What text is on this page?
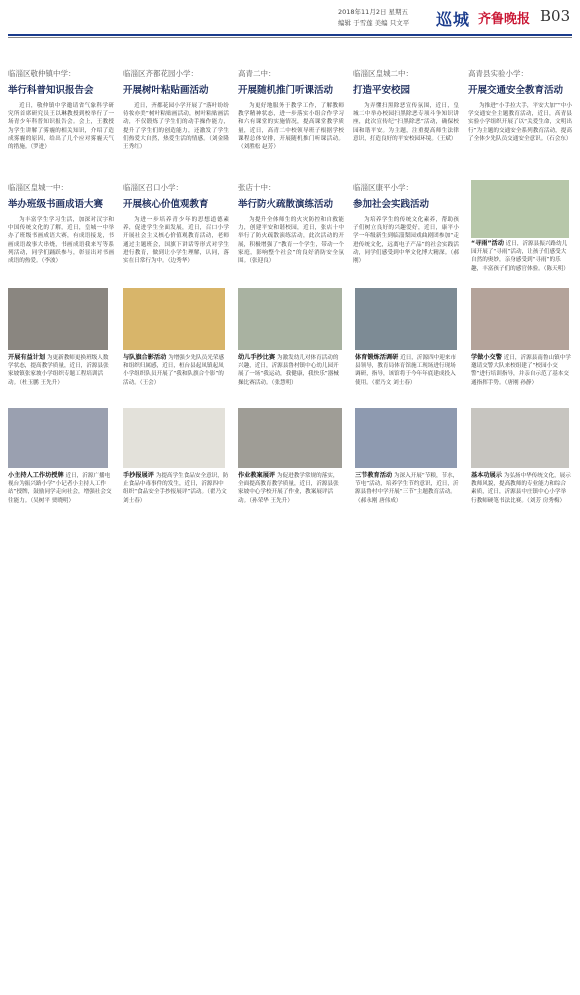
2018年11月2日 星期五
编辑 于雪莲 美编 只文平 巡城 齐鲁晚报 B03
临淄区敬仲镇中学：
举行科普知识报告会
近日，敬仲镇中学邀请省气象科学研究所首席研究员王以琳教授到校举行了一场青少年科普知识报告会。会上，王教授为学生讲解了雾霾的相关知识，介绍了造成雾霾的原因，给出了几个应对雾霾天气的措施。（罗进）
临淄区齐都花园小学：
开展树叶粘贴画活动
近日，齐都花园小学开展了“落叶纷纷待妆亦美”树叶粘贴画活动，树叶粘贴画活动，不仅锻炼了学生们的动手操作能力，提升了学生们的创造能力，还激发了学生们热爱大自然，热爱生活的情感。（刘金隆 王秀红）
高青二中：
开展随机推门听课活动
为更好地服务于教学工作，了解教师教学精神状态，进一步落实小组合作学习和六有课堂的实施情况，提高课堂教学质量，近日，高青二中校领导班子根据学校课程总体安排，开展随机推门听课活动。（刘胜松 赵芳）
临淄区皇城二中：
打造平安校园
为弄懂扫黑除恶宣传氛围，近日，皇城二中举办校园扫黑除恶专项斗争知识讲座，此次宣传纪“扫黑除恶”活动，确保校园和谐平安。为主题，注重提高师生法律意识，打造良好的平安校园环境。（王斌）
高青县实验小学：
开展交通安全教育活动
为推进“小手拉大手，平安大加”“中小学交通安全主题教育活动，近日，高青县实验小学组织开展了以“关爱生命，文明出行”为主题的交通安全系列教育活动，提高了全体少先队员交通安全意识。（石会东）
临淄区皇城一中：
举办班级书画成语大赛
为丰富学生学习生活，加深对汉字和中国传统文化的了解，近日，皇城一中举办了班级书画成语大赛，有成语接龙，书画成语故事大串烧，书画成语我来写等系列活动，同学们踊跃参与，彰显出对书画成语的热爱。（李波）
临淄区召口小学：
开展核心价值观教育
为进一步培养青少年的思想道德素养，促进学生全面发展，近日，召口小学开展社会主义核心价值观教育活动，老师通过主题班会，国旗下讲话等形式对学生进行教育，做到让小学生理解，认同，落实在日常行为中。（边秀华）
张店十中：
举行防火疏散演练活动
为提升全体师生的火灾防控和自救能力，创建平安和谐校园，近日，张店十中举行了防火疏散演练活动，此次活动的开展，积极增强了“教育一个学生，带动一个家庭，影响整个社会”的良好消防安全氛围。（张迎良）
临淄区康平小学：
参加社会实践活动
为培养学生的传统文化素养，帮助孩子们树立良好的兴趣爱好，近日，康平小学一年级新生到临淄梨园戏曲剧团参加“走进传统文化，远离电子产品”的社会实践活动，同学们感受到中华文化博大精深。（郝刚）
“寻雨”活动 近日，沂源县振兴路幼儿园开展了“寻雨”活动，让孩子们感受大自然的奥妙，亲身感受到“寻雨”的乐趣，丰富孩子们的感官体验。（陈天明）
开展有益计划 为更新教师更换班级人数学状态，提高教学质量，近日，沂源县张家坡镇张家坡小学组织专题工程培训活动。（杜玉鹏 王先升）
与队旗合影活动 为增强少先队员光荣感和组织归属感，近日，桓台县起凤镇起凤小学组织队员开展了“我和队旗合个影”的活动。（王会）
幼儿手抄比赛 为激发幼儿对体育活动的兴趣，近日，沂源县鲁村镇中心幼儿园开展了一场“我运动，我健康，我快乐”器械操比赛活动。（张慧明）
体育锻炼活调研 近日，沂源四中迎来市县领导，教育局体育馆施工现场进行现场调研，指导，该馆将于今年年底建成投入使用。（翟乃文 刘士春）
学做小交警 近日，沂源县南鲁山镇中学邀请交警大队来校组建了“校园小交警”进行培训指导，并亲自示范了基本交通指挥手势。（唐刚 孙静）
小主持人工作坊授牌 近日，沂源广播电视台为振兴路小学“小记者小主持人工作站”授牌，鼓励同学走向社会，增强社会交往能力。（吴树平 贾晓明）
手抄报展评 为提高学生食品安全意识，防止食品中毒事件的发生，近日，沂源四中组织“食品安全手抄报展评”活动。（翟乃文 刘士春）
作业教案展评 为促进教学常规的落实，全面提高教育教学质量，近日，沂源县张家坡中心学校开展了作业，教案展评活动。（孙荣华 王先升）
三节教育活动 为深入开展“节粮，节水，节电”活动，培养学生节约意识，近日，沂源县鲁村中学开展“三节”主题教育活动。（郝永刚 唐伟成）
基本功展示 为弘扬中华传统文化，展示教师风貌，提高教师的专业能力和综合素质，近日，沂源县中庄镇中心小学举行教师硬笔书法比赛。（刘芳 房秀梅）
